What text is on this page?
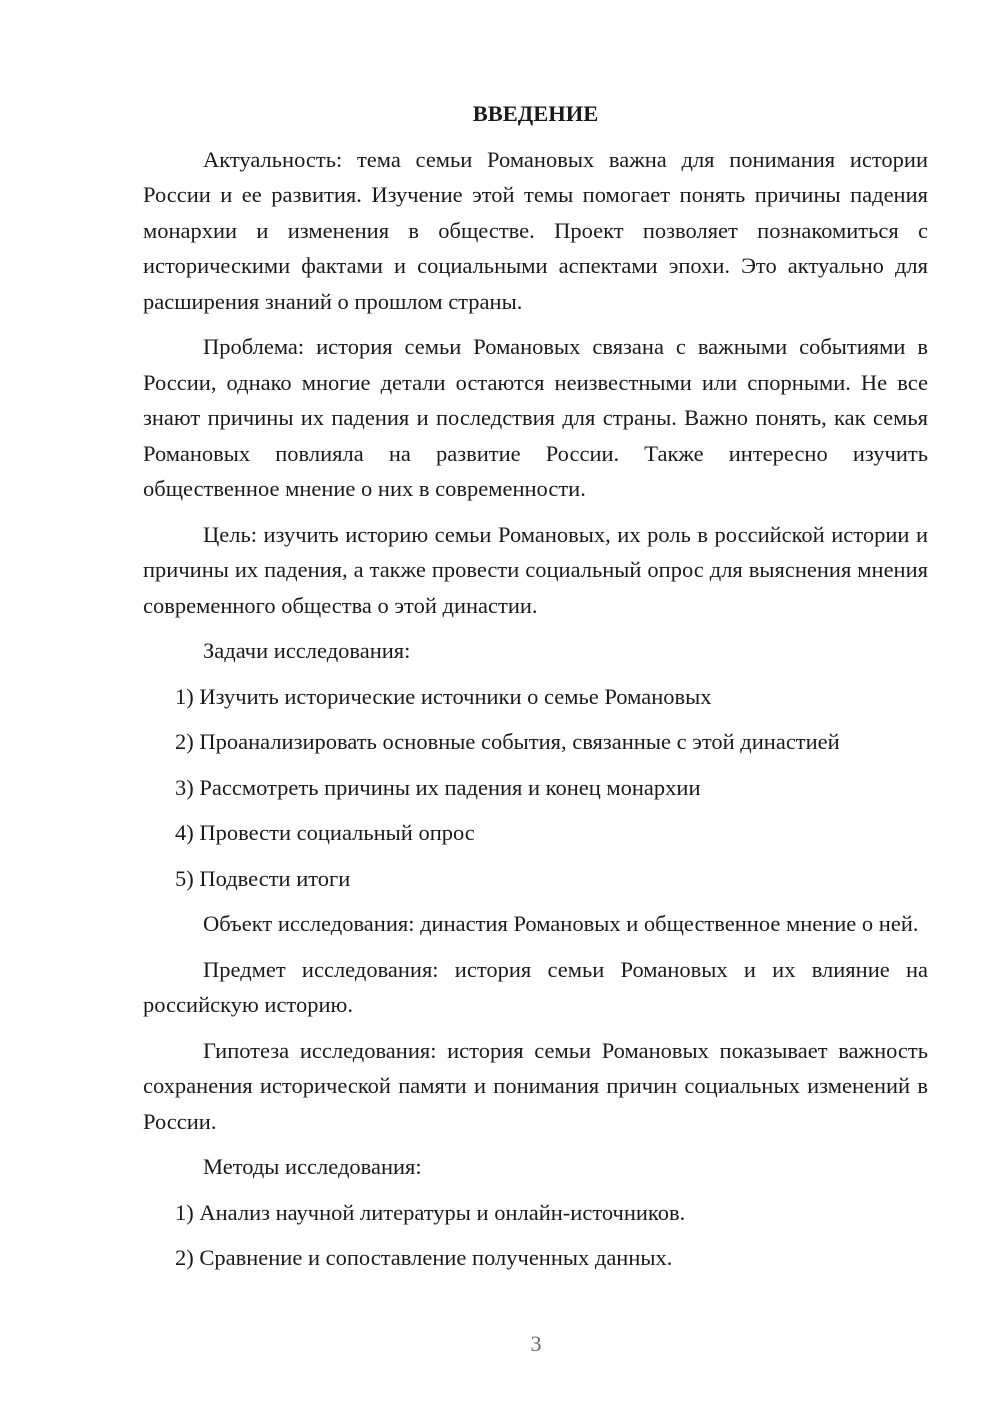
ВВЕДЕНИЕ

Актуальность: тема семьи Романовых важна для понимания истории России и ее развития. Изучение этой темы помогает понять причины падения монархии и изменения в обществе. Проект позволяет познакомиться с историческими фактами и социальными аспектами эпохи. Это актуально для расширения знаний о прошлом страны.

Проблема: история семьи Романовых связана с важными событиями в России, однако многие детали остаются неизвестными или спорными. Не все знают причины их падения и последствия для страны. Важно понять, как семья Романовых повлияла на развитие России. Также интересно изучить общественное мнение о них в современности.

Цель: изучить историю семьи Романовых, их роль в российской истории и причины их падения, а также провести социальный опрос для выяснения мнения современного общества о этой династии.

Задачи исследования:
1) Изучить исторические источники о семье Романовых
2) Проанализировать основные события, связанные с этой династией
3) Рассмотреть причины их падения и конец монархии
4) Провести социальный опрос
5) Подвести итоги

Объект исследования: династия Романовых и общественное мнение о ней.

Предмет исследования: история семьи Романовых и их влияние на российскую историю.

Гипотеза исследования: история семьи Романовых показывает важность сохранения исторической памяти и понимания причин социальных изменений в России.

Методы исследования:
1) Анализ научной литературы и онлайн-источников.
2) Сравнение и сопоставление полученных данных.
3
